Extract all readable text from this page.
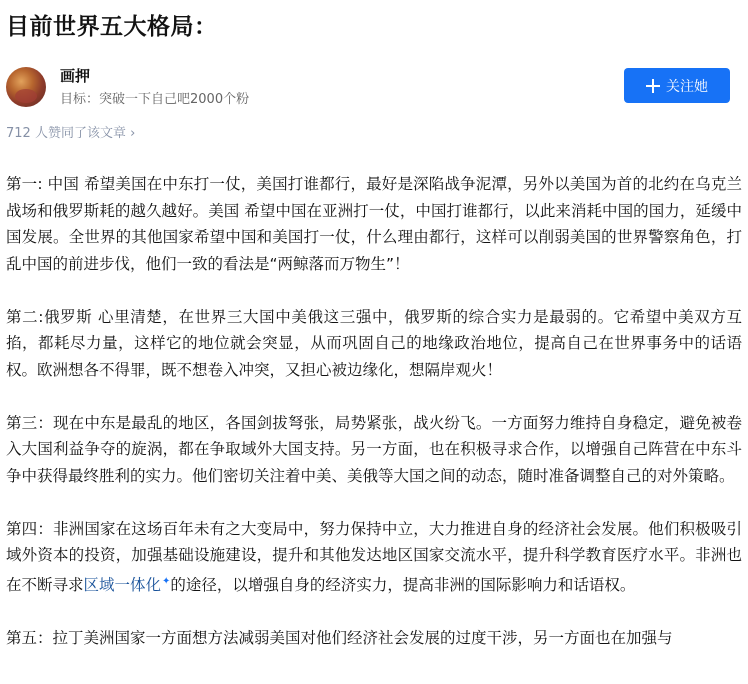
目前世界五大格局：
画押
目标：突破一下自己吧2000个粉
关注她
712 人赞同了该文章 ›

第一: 中国 希望美国在中东打一仗，美国打谁都行，最好是深陷战争泥潭，另外以美国为首的北约在乌克兰战场和俄罗斯耗的越久越好。美国 希望中国在亚洲打一仗，中国打谁都行，以此来消耗中国的国力，延缓中国发展。全世界的其他国家希望中国和美国打一仗，什么理由都行，这样可以削弱美国的世界警察角色，打乱中国的前进步伐，他们一致的看法是“两鲸落而万物生”！

第二:俄罗斯 心里清楚，在世界三大国中美俄这三强中，俄罗斯的综合实力是最弱的。它希望中美双方互掐，都耗尽力量，这样它的地位就会突显，从而巩固自己的地缘政治地位，提高自己在世界事务中的话语权。欧洲想各不得罪，既不想卷入冲突，又担心被边缘化，想隔岸观火！

第三：现在中东是最乱的地区，各国剑拔弩张，局势紧张，战火纷飞。一方面努力维持自身稳定，避免被卷入大国利益争夺的旋涡，都在争取域外大国支持。另一方面，也在积极寻求合作，以增强自己阵营在中东斗争中获得最终胜利的实力。他们密切关注着中美、美俄等大国之间的动态，随时准备调整自己的对外策略。

第四：非洲国家在这场百年未有之大变局中，努力保持中立，大力推进自身的经济社会发展。他们积极吸引域外资本的投资，加强基础设施建设，提升和其他发达地区国家交流水平，提升科学教育医疗水平。非洲也在不断寻求区域一体化✦的途径，以增强自身的经济实力，提高非洲的国际影响力和话语权。

第五：拉丁美洲国家一方面想方法减弱美国对他们经济社会发展的过度干涉，另一方面也在加强与
